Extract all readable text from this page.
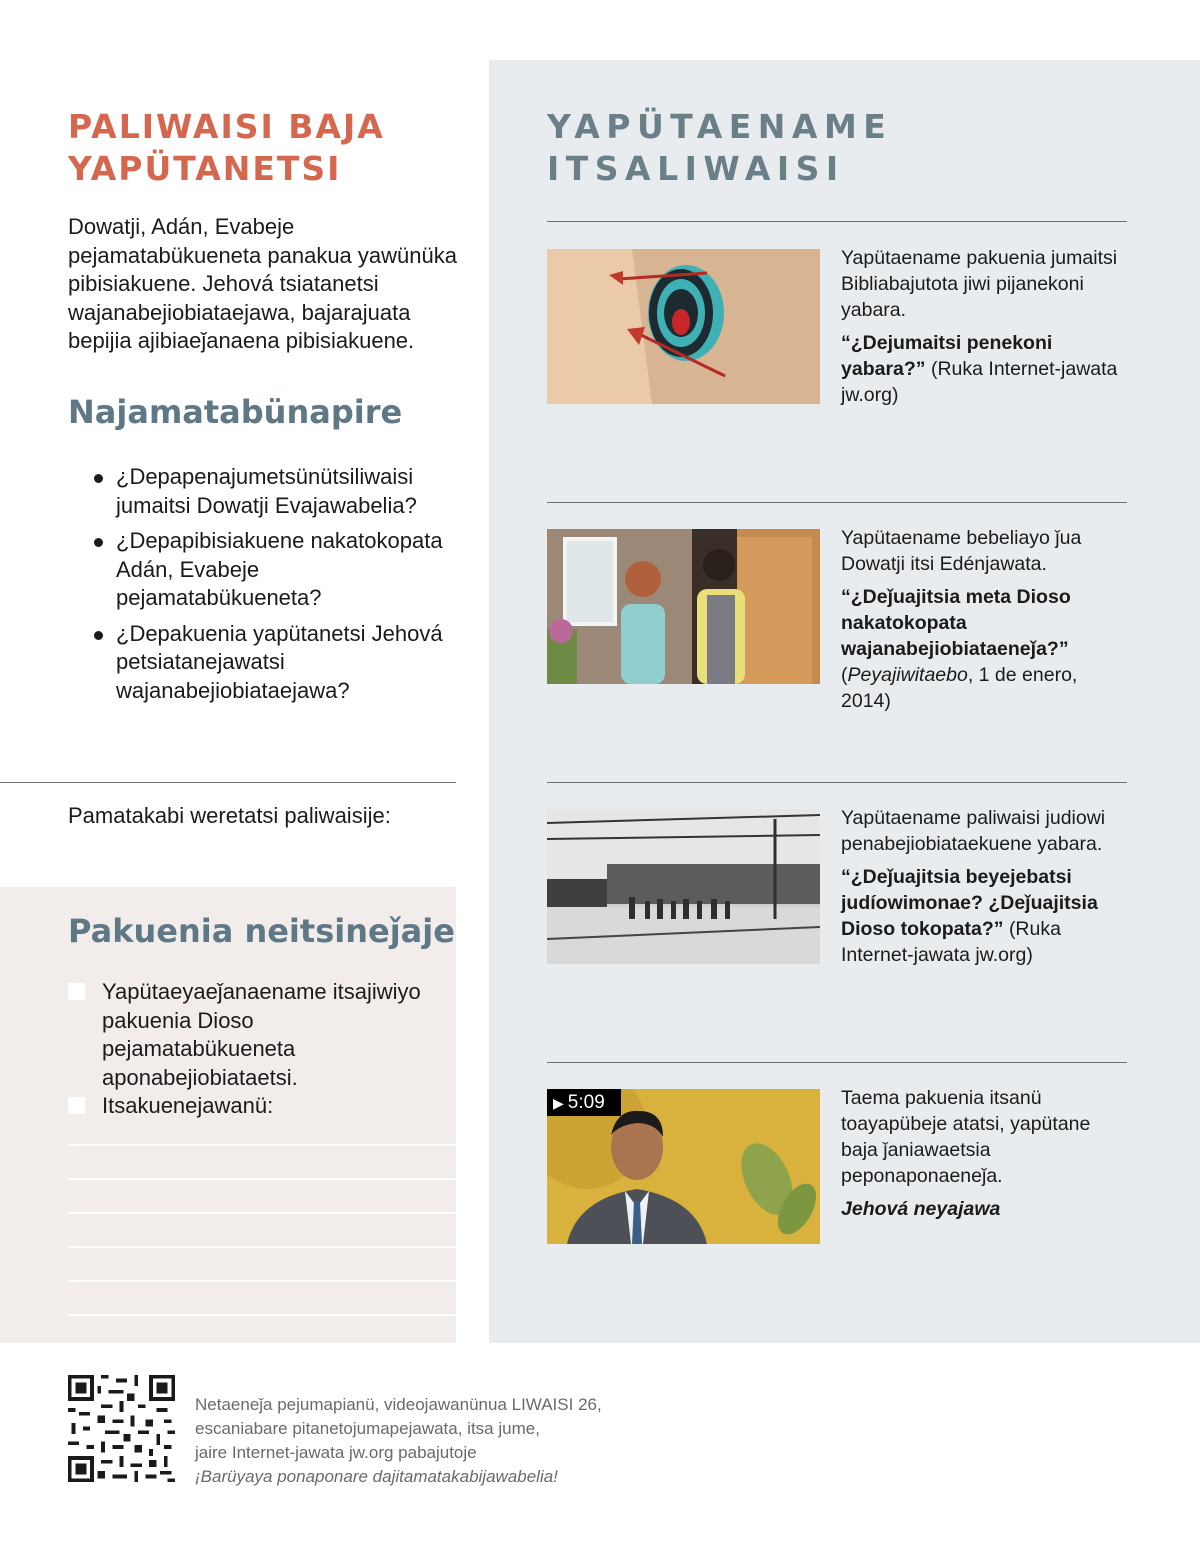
PALIWAISI BAJA
YAPÜTANETSI

Dowatji, Adán, Evabeje pejamatabükueneta panakua yawünüka pibisiakuene. Jehová tsiatanetsi wajanabejiobiataejawa, bajarajuata bepijia ajibiaeǰanaena pibisiakuene.

Najamatabünapire
¿Depapenajumetsünütsiliwaisi jumaitsi Dowatji Evajawabelia?
¿Depapibisiakuene nakatokopata Adán, Evabeje pejamatabükueneta?
¿Depakuenia yapütanetsi Jehová petsiatanejawatsi wajanabejiobiataejawa?
Pamatakabi weretatsi paliwaisije:
Pakuenia neitsineǰaje
Yapütaeyaeǰanaename itsajiwiyo pakuenia Dioso pejamatabükueneta aponabejiobiataetsi.
Itsakuenejawanü:
YAPÜTAENAME
ITSALIWAISI
Yapütaename pakuenia jumaitsi Bibliabajutota jiwi pijanekoni yabara.
“¿Dejumaitsi penekoni yabara?” (Ruka Internet-jawata jw.org)
Yapütaename bebeliayo ǰua Dowatji itsi Edénjawata.
“¿Deǰuajitsia meta Dioso nakatokopata wajanabejiobiataeneǰa?” (Peyajiwitaebo, 1 de enero, 2014)
Yapütaename paliwaisi judiowi penabejiobiataekuene yabara.
“¿Deǰuajitsia beyejebatsi judíowimonae? ¿Deǰuajitsia Dioso tokopata?” (Ruka Internet-jawata jw.org)
▶ 5:09	Taema pakuenia itsanü toayapübeje atatsi, yapütane baja ǰaniawaetsia peponaponaeneǰa.
Jehová neyajawa
Netaeneǰa pejumapianü, videojawanünua LIWAISI 26,
escaniabare pitanetojumapejawata, itsa jume,
jaire Internet-jawata jw.org pabajutoje
¡Barüyaya ponaponare dajitamatakabijawabelia!
